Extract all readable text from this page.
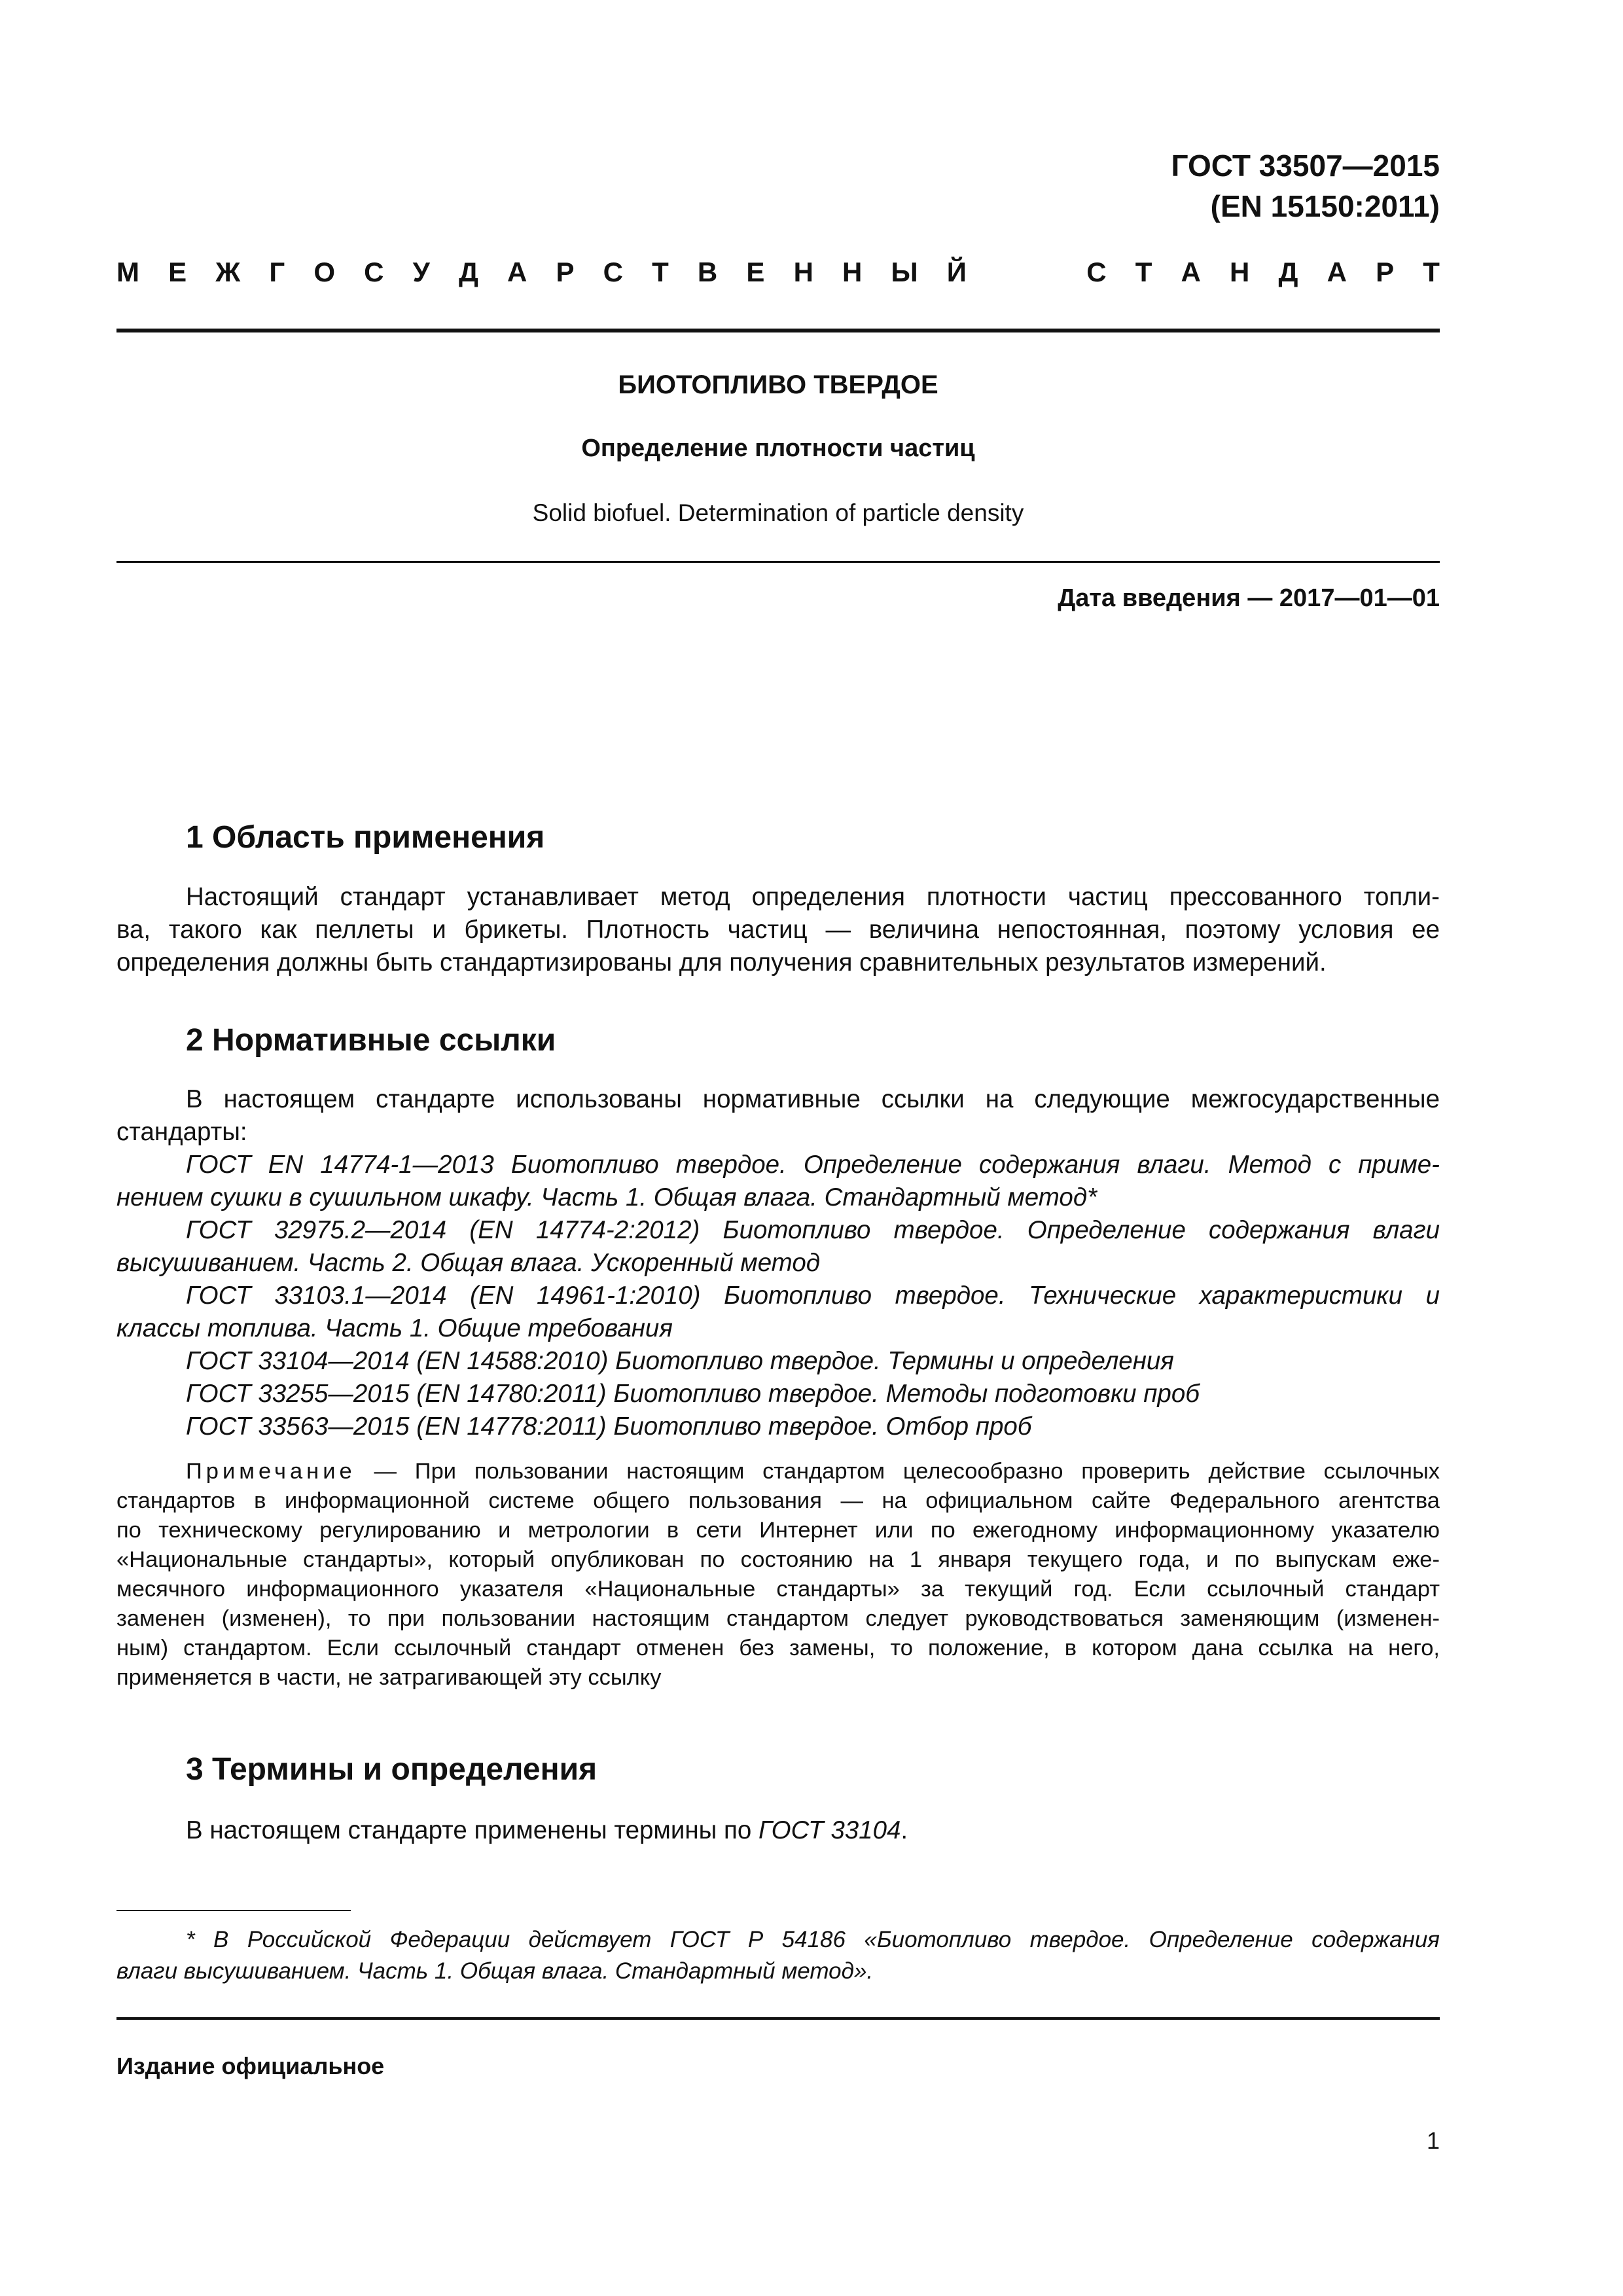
ГОСТ 33507—2015
(EN 15150:2011)
М Е Ж Г О С У Д А Р С Т В Е Н Н Ы Й	С Т А Н Д А Р Т
БИОТОПЛИВО ТВЕРДОЕ
Определение плотности частиц
Solid biofuel. Determination of particle density
Дата введения — 2017—01—01
1 Область применения
Настоящий стандарт устанавливает метод определения плотности частиц прессованного топли-
ва, такого как пеллеты и брикеты. Плотность частиц — величина непостоянная, поэтому условия ее
определения должны быть стандартизированы для получения сравнительных результатов измерений.
2 Нормативные ссылки
В настоящем стандарте использованы нормативные ссылки на следующие межгосударственные
стандарты:
ГОСТ EN 14774-1—2013 Биотопливо твердое. Определение содержания влаги. Метод с приме-
нением сушки в сушильном шкафу. Часть 1. Общая влага. Стандартный метод*
ГОСТ 32975.2—2014 (EN 14774-2:2012) Биотопливо твердое. Определение содержания влаги
высушиванием. Часть 2. Общая влага. Ускоренный метод
ГОСТ 33103.1—2014 (EN 14961-1:2010) Биотопливо твердое. Технические характеристики и
классы топлива. Часть 1. Общие требования
ГОСТ 33104—2014 (EN 14588:2010) Биотопливо твердое. Термины и определения
ГОСТ 33255—2015 (EN 14780:2011) Биотопливо твердое. Методы подготовки проб
ГОСТ 33563—2015 (EN 14778:2011) Биотопливо твердое. Отбор проб
Примечание — При пользовании настоящим стандартом целесообразно проверить действие ссылочных
стандартов в информационной системе общего пользования — на официальном сайте Федерального агентства
по техническому регулированию и метрологии в сети Интернет или по ежегодному информационному указателю
«Национальные стандарты», который опубликован по состоянию на 1 января текущего года, и по выпускам еже-
месячного информационного указателя «Национальные стандарты» за текущий год. Если ссылочный стандарт
заменен (изменен), то при пользовании настоящим стандартом следует руководствоваться заменяющим (изменен-
ным) стандартом. Если ссылочный стандарт отменен без замены, то положение, в котором дана ссылка на него,
применяется в части, не затрагивающей эту ссылку
3 Термины и определения
В настоящем стандарте применены термины по ГОСТ 33104.
* В Российской Федерации действует ГОСТ Р 54186 «Биотопливо твердое. Определение содержания
влаги высушиванием. Часть 1. Общая влага. Стандартный метод».
Издание официальное
1
